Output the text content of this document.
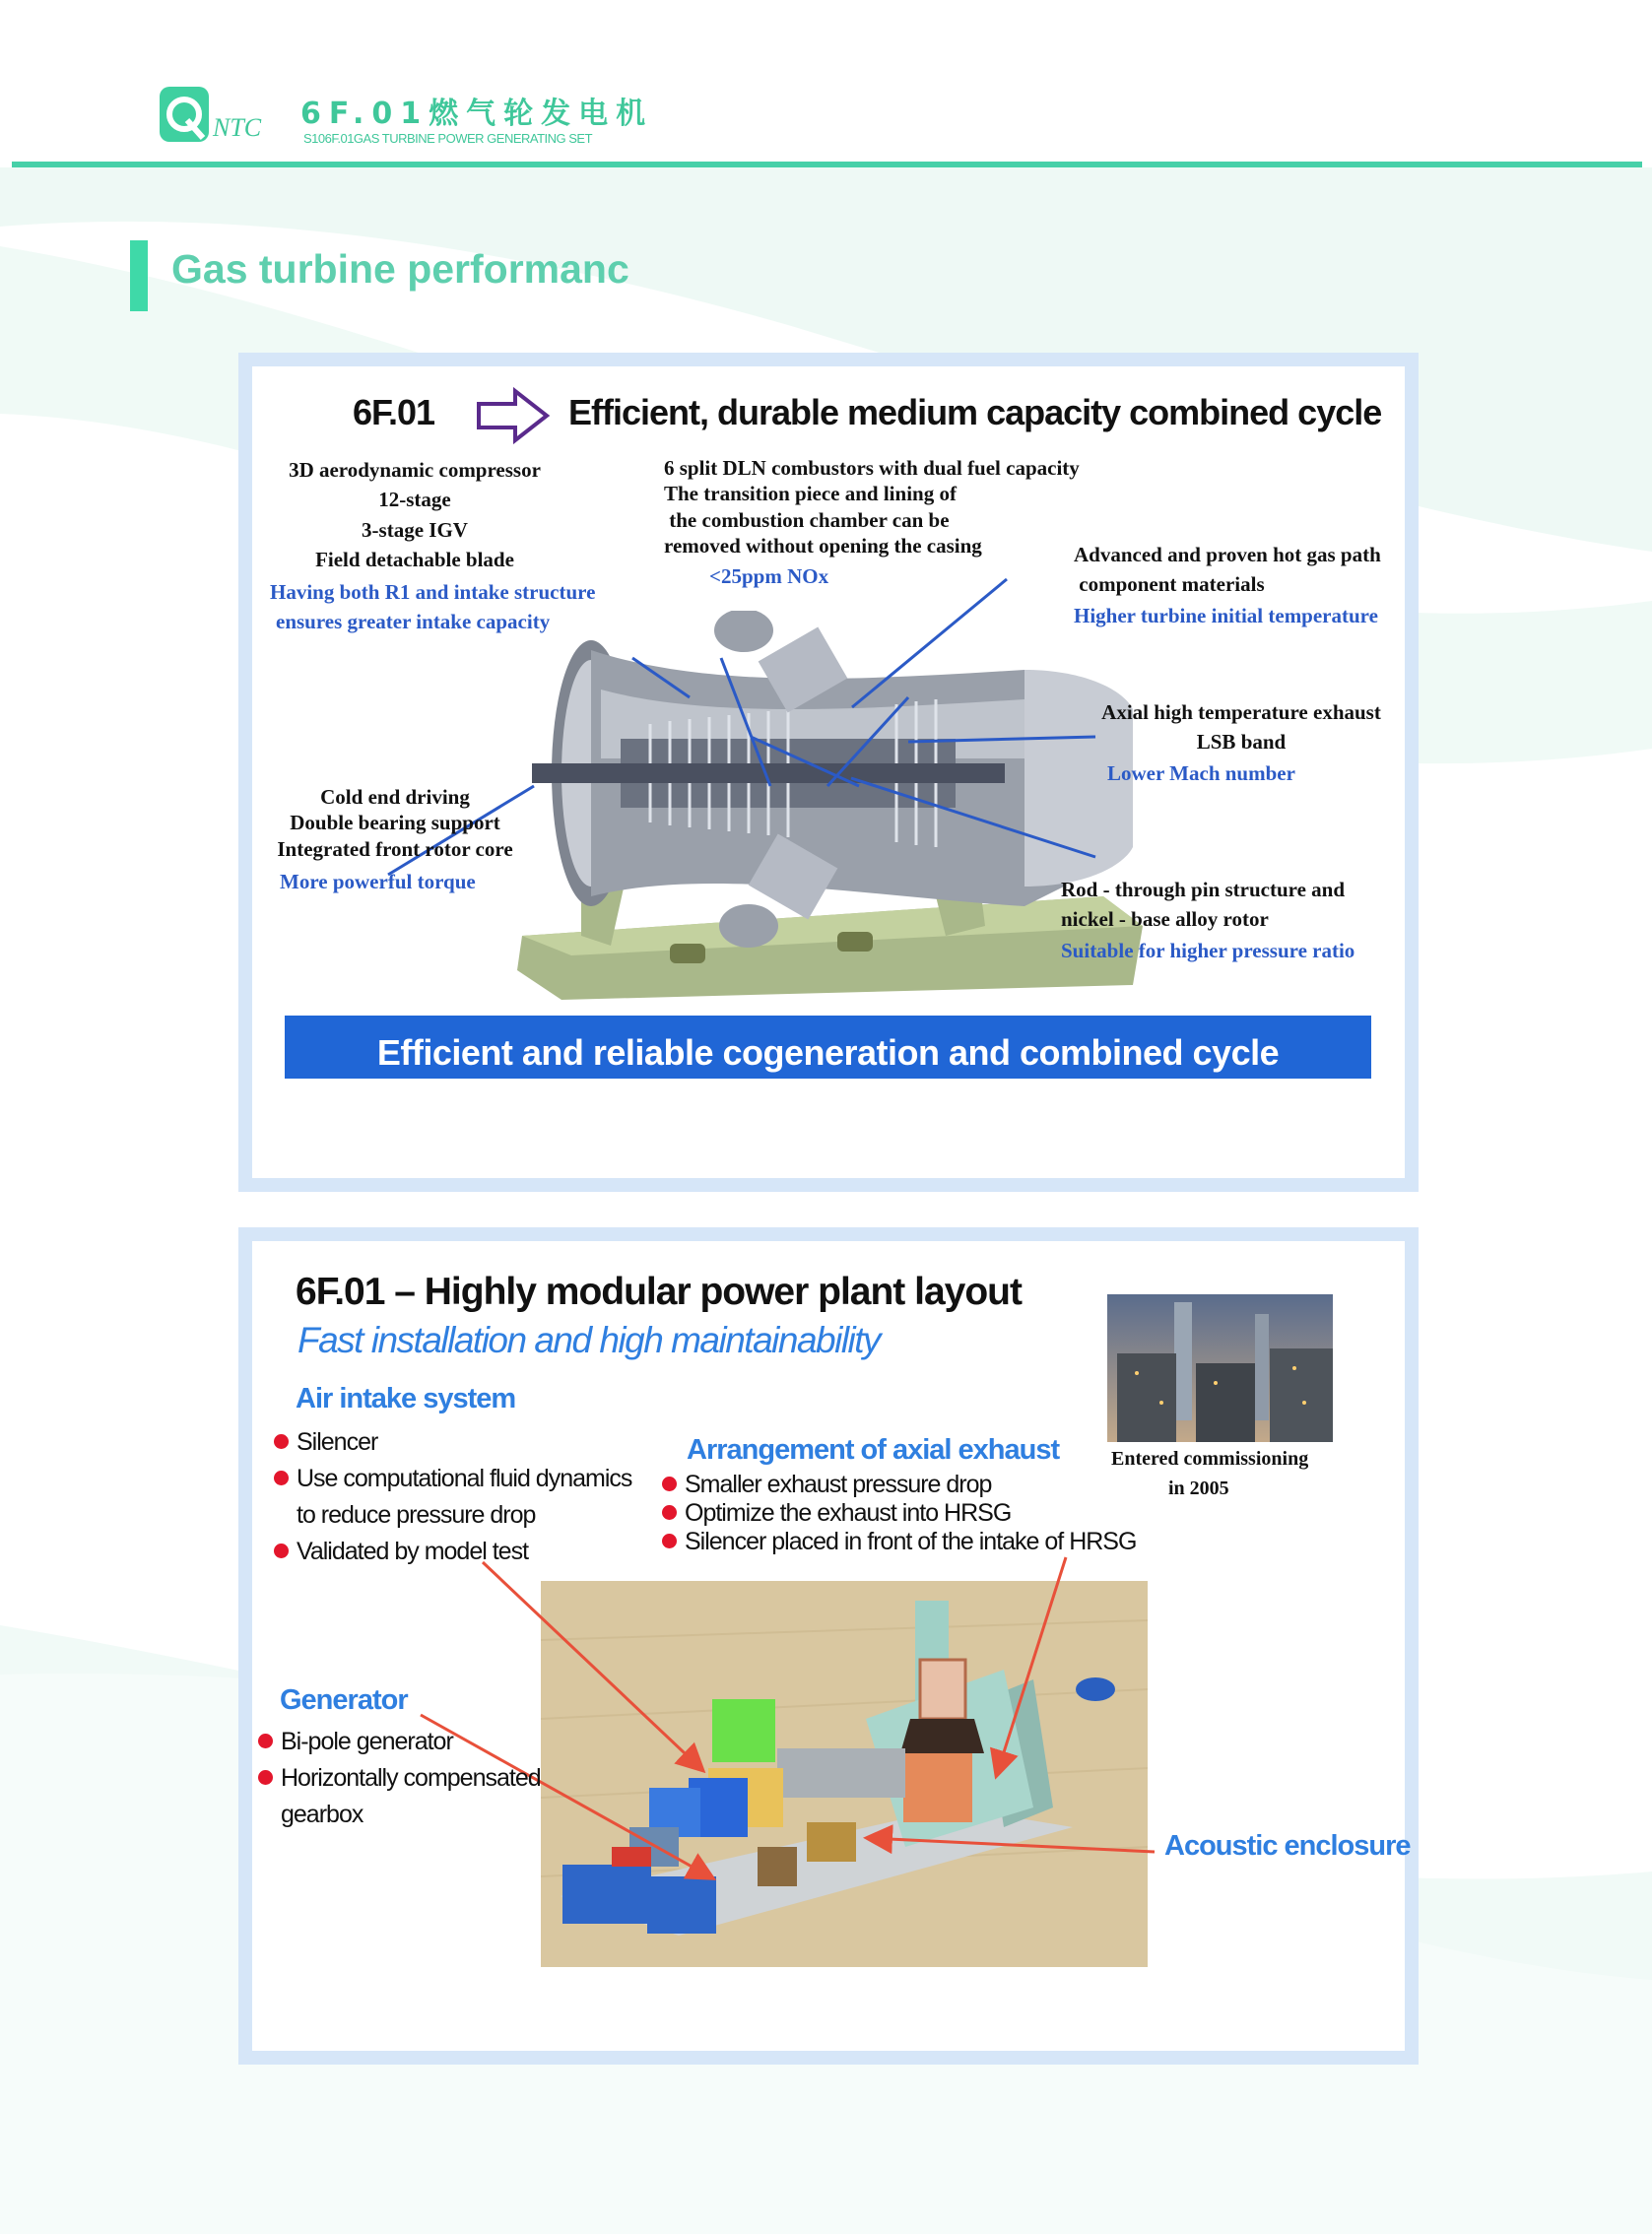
NTC 6F.01燃气轮发电机
S106F.01GAS TURBINE POWER GENERATING SET
Gas turbine performanc
6F.01	Efficient, durable medium capacity combined cycle
3D aerodynamic compressor
12-stage
3-stage IGV
Field detachable blade
Having both R1 and intake structure
ensures greater intake capacity
6 split DLN combustors with dual fuel capacity
The transition piece and lining of
the combustion chamber can be
removed without opening the casing
<25ppm NOx
Advanced and proven hot gas path
component materials
Higher turbine initial temperature
Axial high temperature exhaust
LSB band
Lower Mach number
Cold end driving
Double bearing support
Integrated front rotor core
More powerful torque	Rod - through pin structure and
nickel - base alloy rotor
Suitable for higher pressure ratio
Efficient and reliable cogeneration and combined cycle
6F.01 – Highly modular power plant layout
Fast installation and high maintainability
Entered commissioning
in 2005
Air intake system
Silencer
Use computational fluid dynamics
to reduce pressure drop
Validated by model test
Arrangement of axial exhaust
Smaller exhaust pressure drop
Optimize the exhaust into HRSG
Silencer placed in front of the intake of HRSG
Generator
Bi-pole generator
Horizontally compensated
gearbox
Acoustic enclosure
